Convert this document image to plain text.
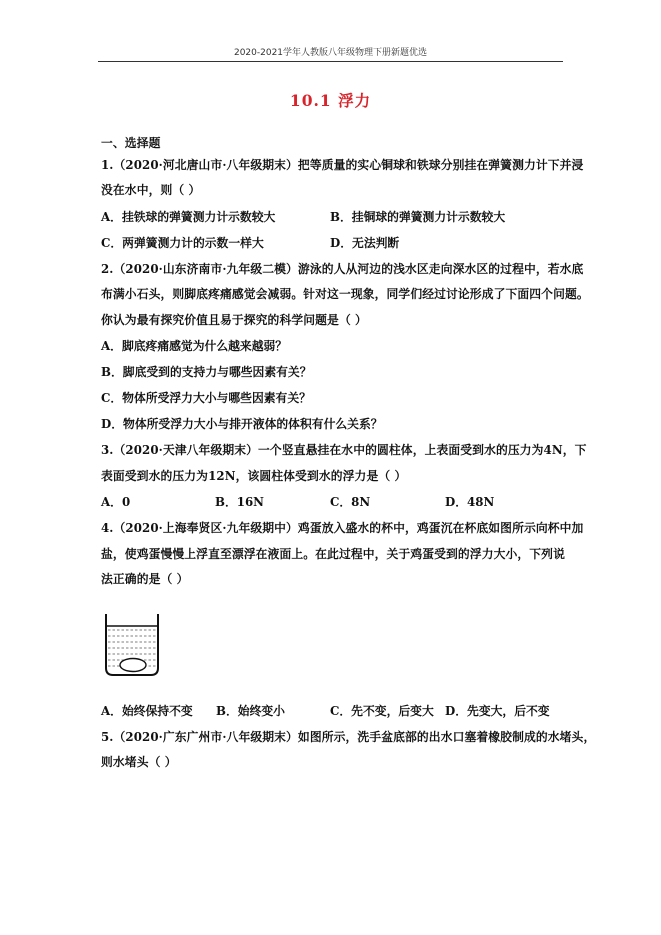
2020-2021学年人教版八年级物理下册新题优选
10.1 浮力
一、选择题
1.（2020·河北唐山市·八年级期末）把等质量的实心铜球和铁球分别挂在弹簧测力计下并浸
没在水中，则（ ）
A．挂铁球的弹簧测力计示数较大	B．挂铜球的弹簧测力计示数较大
C．两弹簧测力计的示数一样大	D．无法判断
2.（2020·山东济南市·九年级二模）游泳的人从河边的浅水区走向深水区的过程中，若水底
布满小石头，则脚底疼痛感觉会减弱。针对这一现象，同学们经过讨论形成了下面四个问题。
你认为最有探究价值且易于探究的科学问题是（ ）
A．脚底疼痛感觉为什么越来越弱？
B．脚底受到的支持力与哪些因素有关？
C．物体所受浮力大小与哪些因素有关？
D．物体所受浮力大小与排开液体的体积有什么关系？
3.（2020·天津八年级期末）一个竖直悬挂在水中的圆柱体，上表面受到水的压力为4N，下
表面受到水的压力为12N，该圆柱体受到水的浮力是（ ）
A．0	B．16N	C．8N	D．48N
4.（2020·上海奉贤区·九年级期中）鸡蛋放入盛水的杯中，鸡蛋沉在杯底如图所示向杯中加
盐，使鸡蛋慢慢上浮直至漂浮在液面上。在此过程中，关于鸡蛋受到的浮力大小，下列说
法正确的是（ ）
A．始终保持不变 B．始终变小	C．先不变，后变大 D．先变大，后不变
5.（2020·广东广州市·八年级期末）如图所示，洗手盆底部的出水口塞着橡胶制成的水堵头，
则水堵头（ ）
